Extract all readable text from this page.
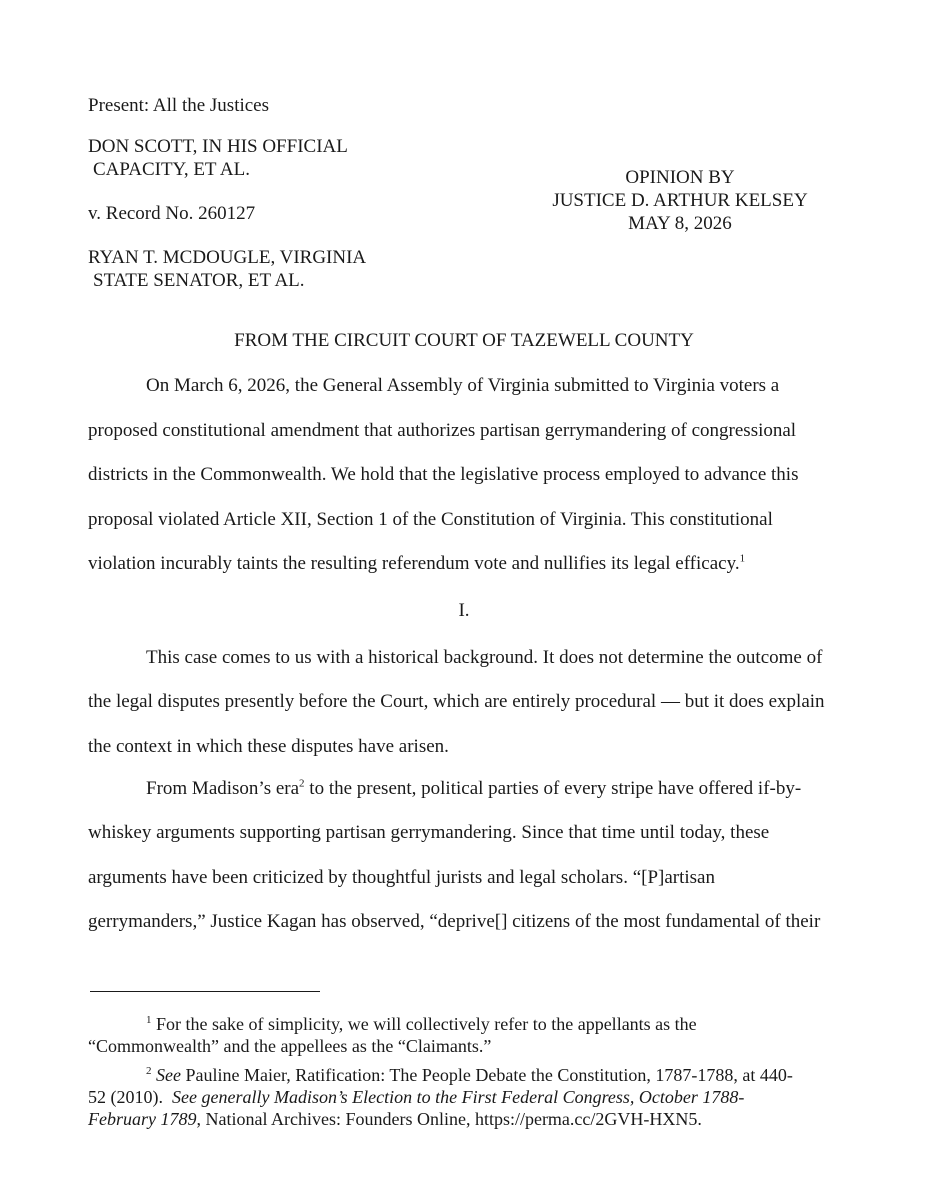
Present: All the Justices
DON SCOTT, IN HIS OFFICIAL
CAPACITY, ET AL.
v. Record No. 260127
RYAN T. MCDOUGLE, VIRGINIA
STATE SENATOR, ET AL.
OPINION BY
JUSTICE D. ARTHUR KELSEY
MAY 8, 2026
FROM THE CIRCUIT COURT OF TAZEWELL COUNTY
On March 6, 2026, the General Assembly of Virginia submitted to Virginia voters a
proposed constitutional amendment that authorizes partisan gerrymandering of congressional
districts in the Commonwealth. We hold that the legislative process employed to advance this
proposal violated Article XII, Section 1 of the Constitution of Virginia. This constitutional
violation incurably taints the resulting referendum vote and nullifies its legal efficacy.$^1$
I.
This case comes to us with a historical background. It does not determine the outcome of
the legal disputes presently before the Court, which are entirely procedural — but it does explain
the context in which these disputes have arisen.
From Madison’s era$^2$ to the present, political parties of every stripe have offered if-by-
whiskey arguments supporting partisan gerrymandering. Since that time until today, these
arguments have been criticized by thoughtful jurists and legal scholars. “[P]artisan
gerrymanders,” Justice Kagan has observed, “deprive[] citizens of the most fundamental of their
$^1$ For the sake of simplicity, we will collectively refer to the appellants as the
“Commonwealth” and the appellees as the “Claimants.”
$^2$ See Pauline Maier, Ratification: The People Debate the Constitution, 1787-1788, at 440-
52 (2010).  See generally Madison’s Election to the First Federal Congress, October 1788-
February 1789, National Archives: Founders Online, https://perma.cc/2GVH-HXN5.
